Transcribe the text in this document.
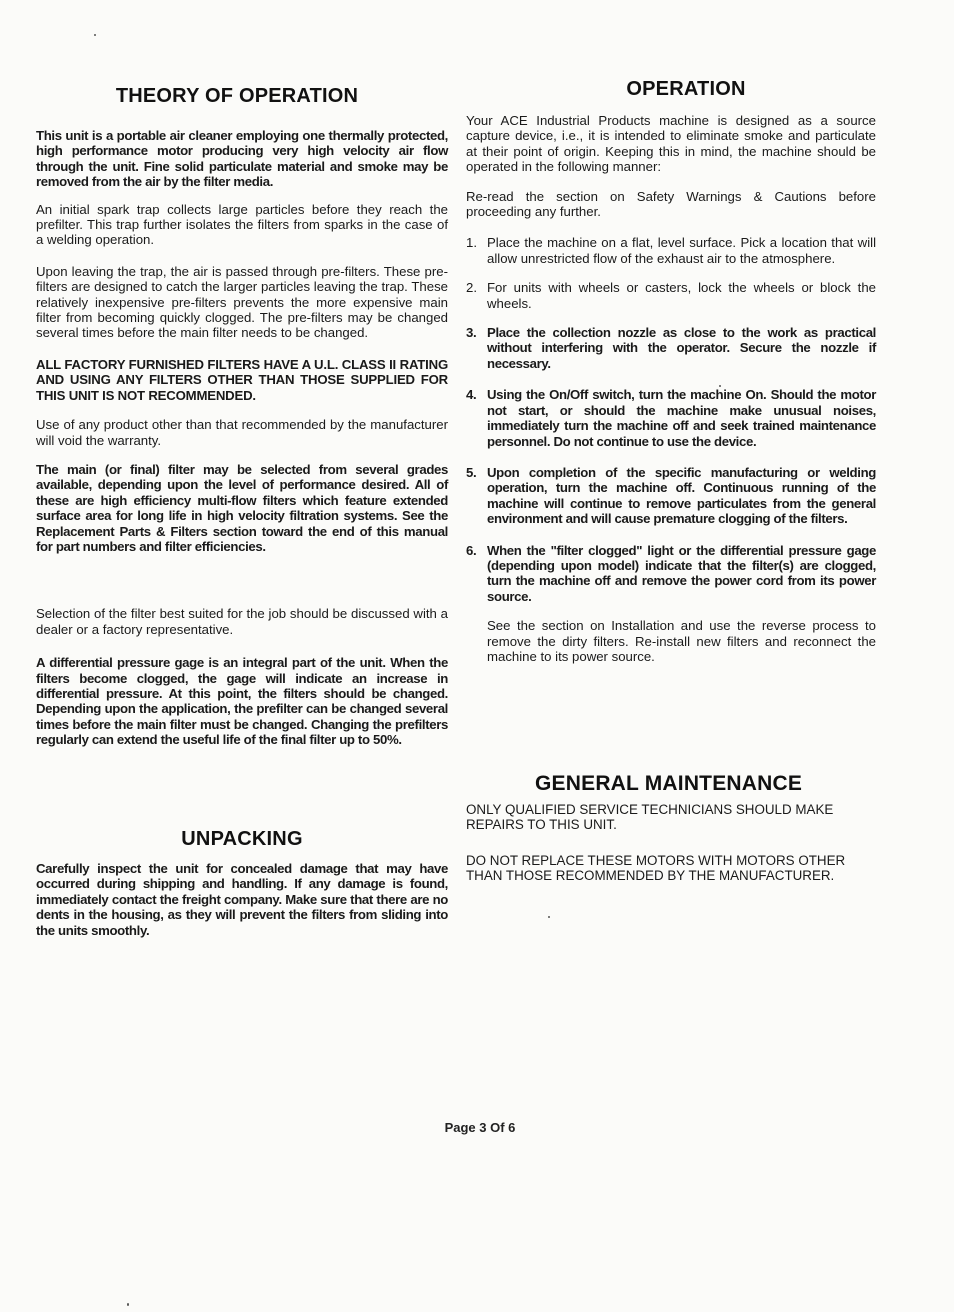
THEORY OF OPERATION

This unit is a portable air cleaner employing one thermally protected, high performance motor producing very high velocity air flow through the unit. Fine solid particulate material and smoke may be removed from the air by the filter media.

An initial spark trap collects large particles before they reach the prefilter. This trap further isolates the filters from sparks in the case of a welding operation.

Upon leaving the trap, the air is passed through pre-filters. These pre-filters are designed to catch the larger particles leaving the trap. These relatively inexpensive pre-filters prevents the more expensive main filter from becoming quickly clogged. The pre-filters may be changed several times before the main filter needs to be changed.

ALL FACTORY FURNISHED FILTERS HAVE A U.L. CLASS II RATING AND USING ANY FILTERS OTHER THAN THOSE SUPPLIED FOR THIS UNIT IS NOT RECOMMENDED.

Use of any product other than that recommended by the manufacturer will void the warranty.

The main (or final) filter may be selected from several grades available, depending upon the level of performance desired. All of these are high efficiency multi-flow filters which feature extended surface area for long life in high velocity filtration systems. See the Replacement Parts & Filters section toward the end of this manual for part numbers and filter efficiencies.

Selection of the filter best suited for the job should be discussed with a dealer or a factory representative.

A differential pressure gage is an integral part of the unit. When the filters become clogged, the gage will indicate an increase in differential pressure. At this point, the filters should be changed. Depending upon the application, the prefilter can be changed several times before the main filter must be changed. Changing the prefilters regularly can extend the useful life of the final filter up to 50%.

UNPACKING

Carefully inspect the unit for concealed damage that may have occurred during shipping and handling. If any damage is found, immediately contact the freight company. Make sure that there are no dents in the housing, as they will prevent the filters from sliding into the units smoothly.

OPERATION

Your ACE Industrial Products machine is designed as a source capture device, i.e., it is intended to eliminate smoke and particulate at their point of origin. Keeping this in mind, the machine should be operated in the following manner:

Re-read the section on Safety Warnings & Cautions before proceeding any further.

1. Place the machine on a flat, level surface. Pick a location that will allow unrestricted flow of the exhaust air to the atmosphere.
2. For units with wheels or casters, lock the wheels or block the wheels.
3. Place the collection nozzle as close to the work as practical without interfering with the operator. Secure the nozzle if necessary.
4. Using the On/Off switch, turn the machine On. Should the motor not start, or should the machine make unusual noises, immediately turn the machine off and seek trained maintenance personnel. Do not continue to use the device.
5. Upon completion of the specific manufacturing or welding operation, turn the machine off. Continuous running of the machine will continue to remove particulates from the general environment and will cause premature clogging of the filters.
6. When the "filter clogged" light or the differential pressure gage (depending upon model) indicate that the filter(s) are clogged, turn the machine off and remove the power cord from its power source.

See the section on Installation and use the reverse process to remove the dirty filters. Re-install new filters and reconnect the machine to its power source.

GENERAL MAINTENANCE

ONLY QUALIFIED SERVICE TECHNICIANS SHOULD MAKE REPAIRS TO THIS UNIT.

DO NOT REPLACE THESE MOTORS WITH MOTORS OTHER THAN THOSE RECOMMENDED BY THE MANUFACTURER.

Page 3 Of 6
